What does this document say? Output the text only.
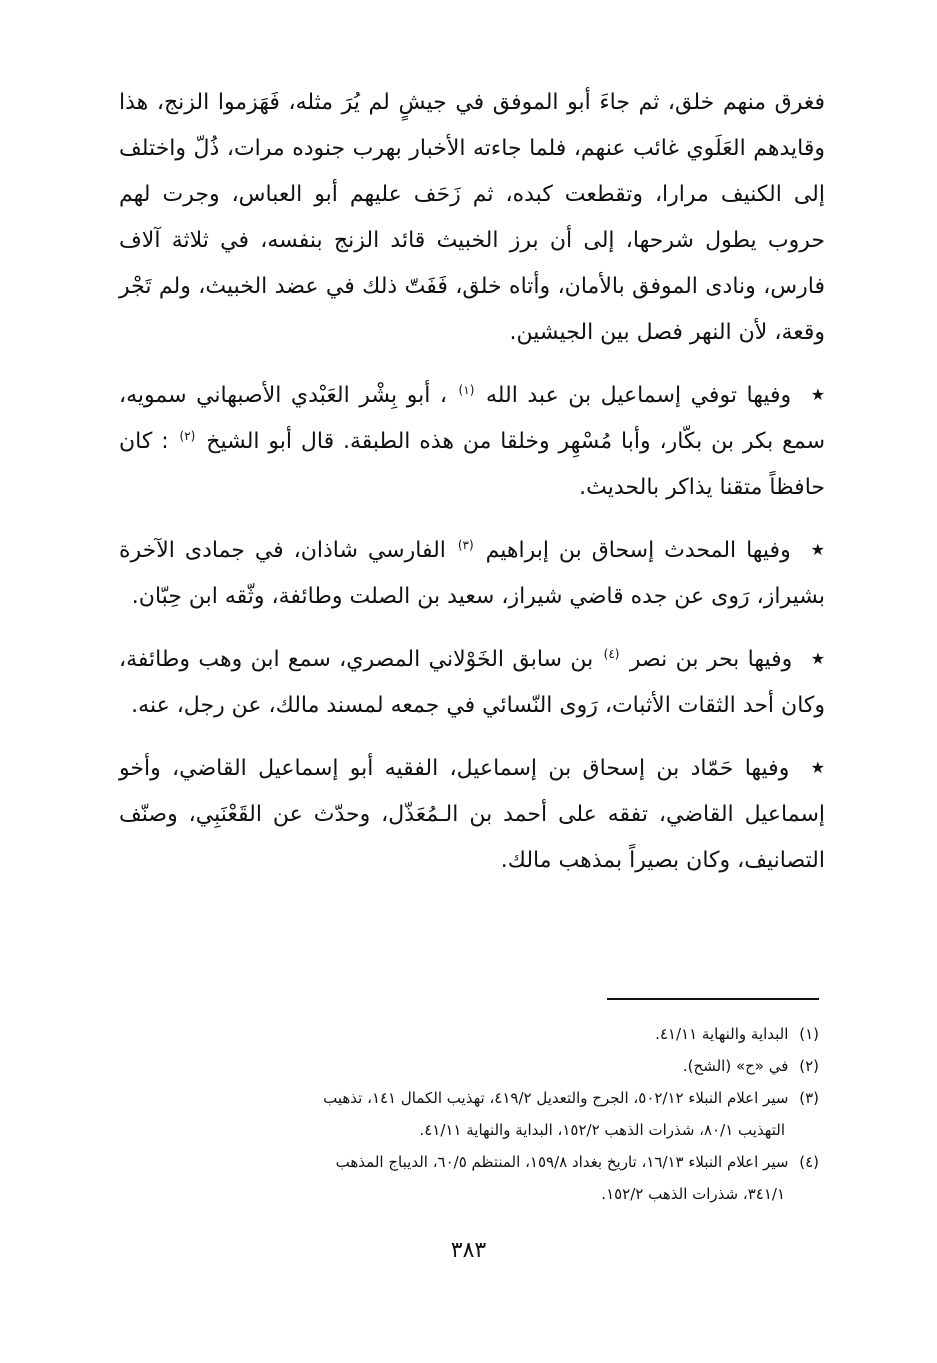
فغرق منهم خلق، ثم جاءَ أبو الموفق في جيشٍ لم يُرَ مثله، فَهَزموا الزنج، هذا وقايدهم العَلَوي غائب عنهم، فلما جاءته الأخبار بهرب جنوده مرات، ذُلّ واختلف إلى الكنيف مرارا، وتقطعت كبده، ثم زَحَف عليهم أبو العباس، وجرت لهم حروب يطول شرحها، إلى أن برز الخبيث قائد الزنج بنفسه، في ثلاثة آلاف فارس، ونادى الموفق بالأمان، وأتاه خلق، فَفَتّ ذلك في عضد الخبيث، ولم تَجْر وقعة، لأن النهر فصل بين الجيشين.

★ وفيها توفي إسماعيل بن عبد الله $^{(١)}$ ، أبو بِشْر العَبْدي الأصبهاني سمويه، سمع بكر بن بكّار، وأبا مُسْهِر وخلقا من هذه الطبقة. قال أبو الشيخ $^{(٢)}$ : كان حافظاً متقنا يذاكر بالحديث.

★ وفيها المحدث إسحاق بن إبراهيم $^{(٣)}$ الفارسي شاذان، في جمادى الآخرة بشيراز، رَوى عن جده قاضي شيراز، سعيد بن الصلت وطائفة، وثّقه ابن حِبّان.

★ وفيها بحر بن نصر $^{(٤)}$ بن سابق الخَوْلاني المصري، سمع ابن وهب وطائفة، وكان أحد الثقات الأثبات، رَوى النّسائي في جمعه لمسند مالك، عن رجل، عنه.

★ وفيها حَمّاد بن إسحاق بن إسماعيل، الفقيه أبو إسماعيل القاضي، وأخو إسماعيل القاضي، تفقه على أحمد بن الـمُعَذّل، وحدّث عن القَعْنَبِي، وصنّف التصانيف، وكان بصيراً بمذهب مالك.

(١) البداية والنهاية ٤١/١١.

(٢) في «ح» (الشح).

(٣) سير اعلام النبلاء ٥٠٢/١٢، الجرح والتعديل ٤١٩/٢، تهذيب الكمال ١٤١، تذهيب
التهذيب ٨٠/١، شذرات الذهب ١٥٢/٢، البداية والنهاية ٤١/١١.

(٤) سير اعلام النبلاء ١٦/١٣، تاريخ بغداد ١٥٩/٨، المنتظم ٦٠/٥، الديباج المذهب
٣٤١/١، شذرات الذهب ١٥٢/٢.

٣٨٣
